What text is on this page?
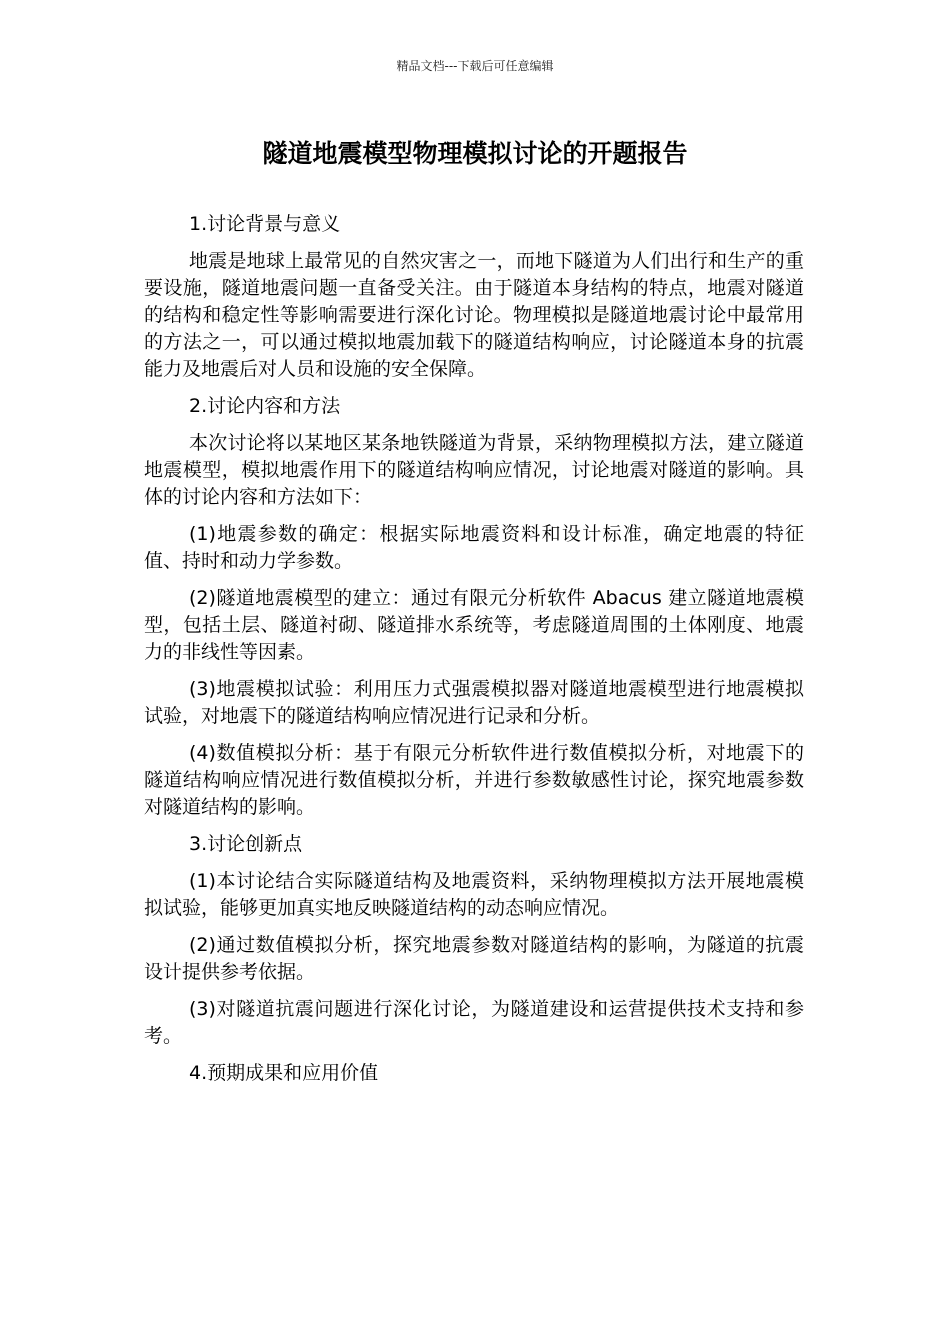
精品文档---下载后可任意编辑
隧道地震模型物理模拟讨论的开题报告

1.讨论背景与意义

地震是地球上最常见的自然灾害之一，而地下隧道为人们出行和生产的重要设施，隧道地震问题一直备受关注。由于隧道本身结构的特点，地震对隧道的结构和稳定性等影响需要进行深化讨论。物理模拟是隧道地震讨论中最常用的方法之一，可以通过模拟地震加载下的隧道结构响应，讨论隧道本身的抗震能力及地震后对人员和设施的安全保障。

2.讨论内容和方法

本次讨论将以某地区某条地铁隧道为背景，采纳物理模拟方法，建立隧道地震模型，模拟地震作用下的隧道结构响应情况，讨论地震对隧道的影响。具体的讨论内容和方法如下：

(1)地震参数的确定：根据实际地震资料和设计标准，确定地震的特征值、持时和动力学参数。

(2)隧道地震模型的建立：通过有限元分析软件 Abacus 建立隧道地震模型，包括土层、隧道衬砌、隧道排水系统等，考虑隧道周围的土体刚度、地震力的非线性等因素。

(3)地震模拟试验：利用压力式强震模拟器对隧道地震模型进行地震模拟试验，对地震下的隧道结构响应情况进行记录和分析。

(4)数值模拟分析：基于有限元分析软件进行数值模拟分析，对地震下的隧道结构响应情况进行数值模拟分析，并进行参数敏感性讨论，探究地震参数对隧道结构的影响。

3.讨论创新点

(1)本讨论结合实际隧道结构及地震资料，采纳物理模拟方法开展地震模拟试验，能够更加真实地反映隧道结构的动态响应情况。

(2)通过数值模拟分析，探究地震参数对隧道结构的影响，为隧道的抗震设计提供参考依据。

(3)对隧道抗震问题进行深化讨论，为隧道建设和运营提供技术支持和参考。

4.预期成果和应用价值
